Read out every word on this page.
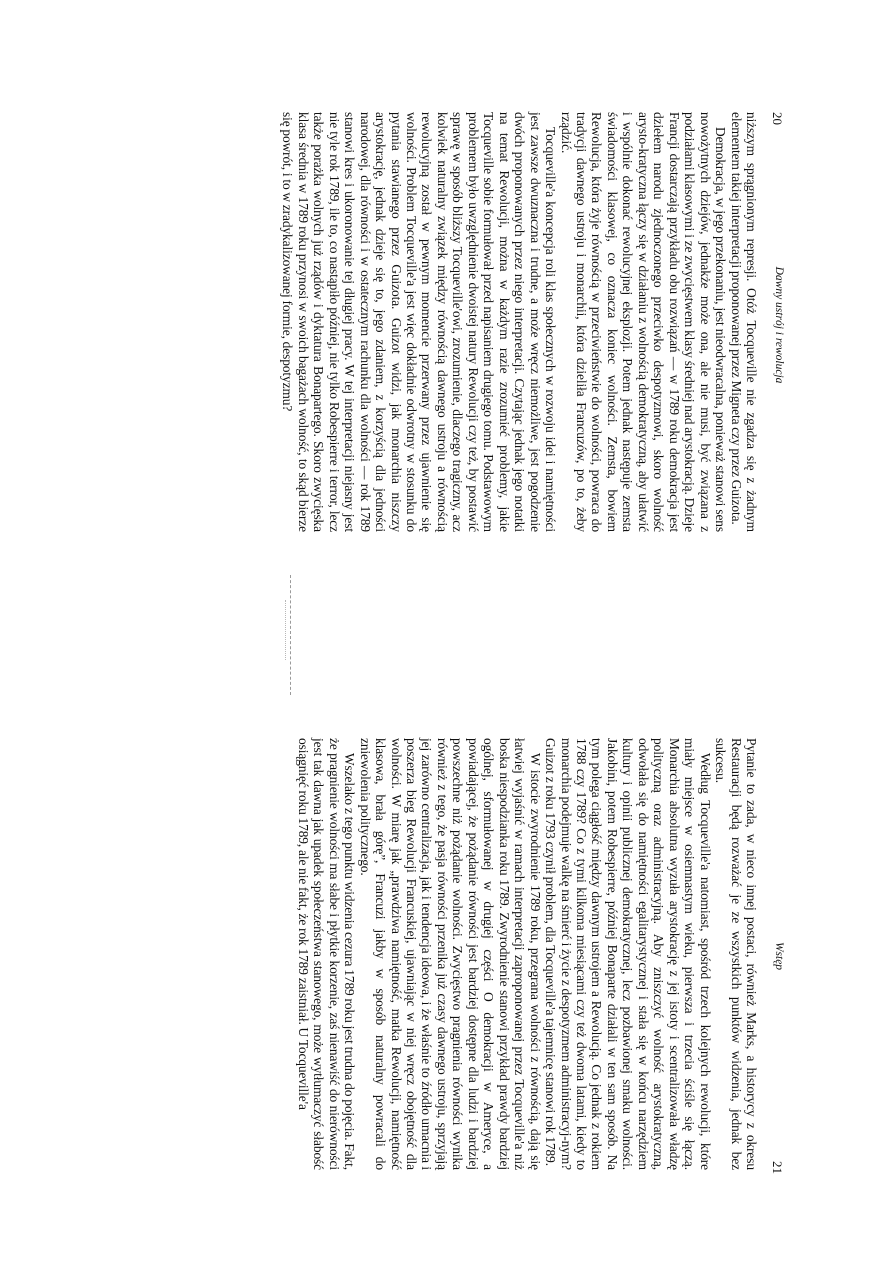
20
Dawny ustrój i rewolucja

niższym sprągnionym represji. Otóż Tocqueville nie zgadza się z żadnym elementem takiej interpretacji proponowanej przez Migneta czy przez Guizota.

Demokracja, w jego przekonaniu, jest nieodwracalna, ponieważ stanowi sens nowożytnych dziejów, jednakże może ona, ale nie musi, być związana z podziałami klasowymi i ze zwycięstwem klasy średniej nad arystokracją. Dzieje Francji dostarczają przykładu obu rozwiązań — w 1789 roku demokracja jest dziełem narodu zjednoczonego przeciwko despotyzmowi, skoro wolność arysto-kratyczna łączy się w działaniu z wolnością demokratyczną, aby ułatwić i wspólnie dokonać rewolucyjnej eksplozji. Potem jednak następuje zemsta świadomości klasowej, co oznacza koniec wolności. Zemsta, bowiem Rewolucja, która żyje równością w przeciwieństwie do wolności, powraca do tradycji dawnego ustroju i monarchii, która dzieliła Francuzów, po to, żeby rządzić.

Tocqueville'a koncepcja roli klas społecznych w rozwoju idei i namiętności jest zawsze dwuznaczna i trudne, a może wręcz niemożliwe, jest pogodzenie dwóch proponowanych przez niego interpretacji. Czytając jednak jego notatki na temat Rewolucji, można w każdym razie zrozumieć problemy, jakie Tocqueville sobie formułował przed napisaniem drugiego tomu. Podstawowym problemem było uwzględnienie dwoistej natury Rewolucji czy też, by postawić sprawę w sposób bliższy Tocqueville'owi, zrozumienie, dlaczego tragiczny, acz kolwiek naturalny związek między równością dawnego ustroju a równością rewolucyjną został w pewnym momencie przerwany przez ujawnienie się wolności. Problem Tocqueville'a jest więc dokładnie odwrotny w stosunku do pytania stawianego przez Guizota. Guizot widzi, jak monarchia niszczy arystokrację, jednak dzieje się to, jego zdaniem, z korzyścią dla jedności narodowej, dla równości i w ostatecznym rachunku dla wolności — rok 1789 stanowi kres i ukoronowanie tej długiej pracy. W tej interpretacji niejasny jest nie tyle rok 1789, ile to, co nastąpiło później, nie tylko Robespierre i terror, lecz także porażka wolnych już rządów i dyktatura Bonapartego. Skoro zwycięska klasa średnia w 1789 roku przynosi w swoich bagażach wolność, to skąd bierze się powrót, i to w zradykalizowanej formie, despotyzmu?

Wstęp
21

Pytanie to zada, w nieco innej postaci, również Marks, a historycy z okresu Restauracji będą rozważać je ze wszystkich punktów widzenia, jednak bez sukcesu.

Według Tocqueville'a natomiast, spośród trzech kolejnych rewolucji, które miały miejsce w osiemnastym wieku, pierwsza i trzecia ściśle się łączą. Monarchia absolutna wyzuła arystokrację z jej istoty i scentralizowała władzę polityczną oraz administracyjną. Aby zniszczyć wolność arystokratyczną, odwołała się do namiętności egalitarystycznej i stała się w końcu narzędziem kultury i opinii publicznej demokratycznej, lecz pozbawionej smaku wolności. Jakobini, potem Robespierre, później Bonaparte działali w ten sam sposób. Na tym polega ciągłość między dawnym ustrojem a Rewolucją. Co jednak z rokiem 1788 czy 1789? Co z tymi kilkoma miesiącami czy też dwoma latami, kiedy to monarchia podejmuje walkę na śmierć i życie z despotyzmem administracyj-nym? Guizot z roku 1793 czynił problem, dla Tocqueville'a tajemnicę stanowi rok 1789.

W istocie zwyrodnienie 1789 roku, przegrana wolności z równością, dają się łatwiej wyjaśnić w ramach interpretacji zaproponowanej przez Tocqueville'a niż boska niespodzianka roku 1789. Zwyrodnienie stanowi przykład prawdy bardziej ogólnej, sformułowanej w drugiej części O demokracji w Ameryce, a powiadającej, że pożądanie równości jest bardziej dostępne dla ludzi i bardziej powszechne niż pożądanie wolności. Zwycięstwo pragnienia równości wynika również z tego, że pasja równości przenika już czasy dawnego ustroju, sprzyjają jej zarówno centralizacja, jak i tendencja ideowa, i że właśnie to źródło umacnia i poszerza bieg Rewolucji Francuskiej, ujawniając w niej wręcz obojętność dla wolności. W miarę jak „prawdziwa namiętność, matka Rewolucji, namiętność klasowa, brała górę”, Francuzi jakby w sposób naturalny powracali do zniewolenia politycznego.

Wszelako z tego punktu widzenia cezura 1789 roku jest trudna do pojęcia. Fakt, że pragnienie wolności ma słabe i płytkie korzenie, zaś nienawiść do nierówności jest tak dawna jak upadek społeczeństwa stanowego, może wytłumaczyć słabość osiągnięć roku 1789, ale nie fakt, że rok 1789 zaistniał. U Tocqueville'a
